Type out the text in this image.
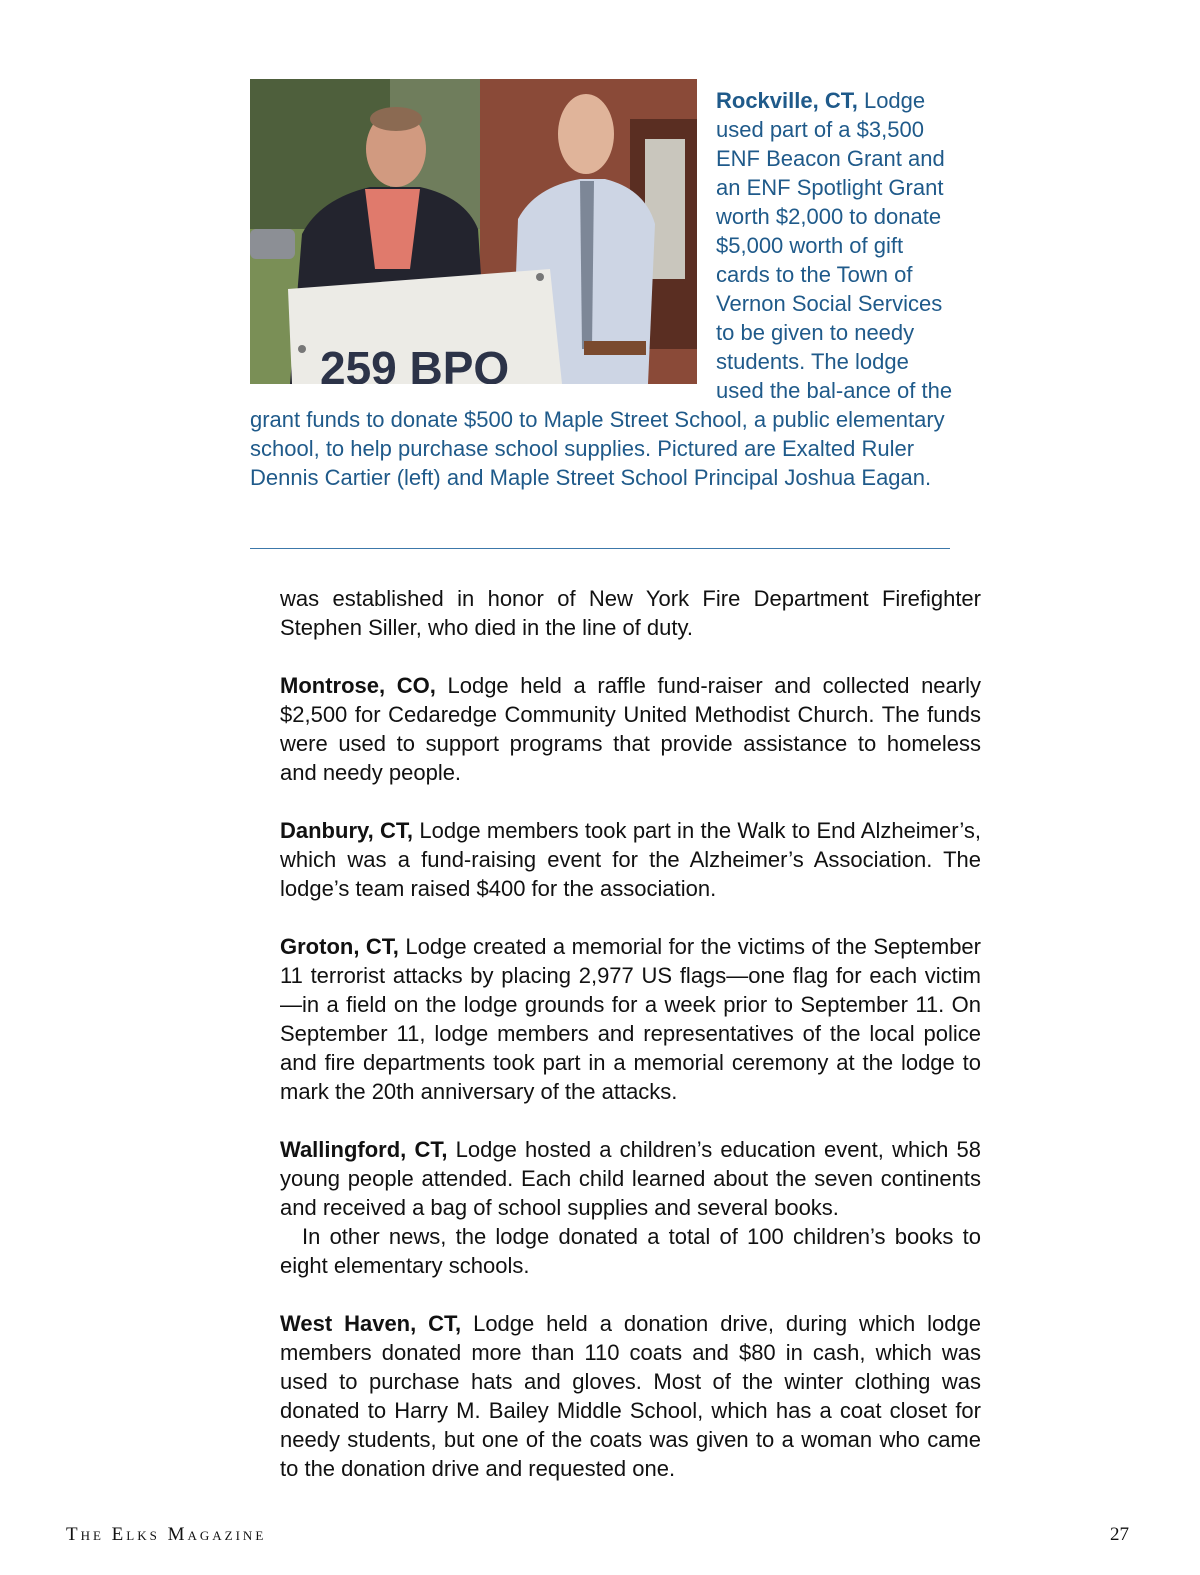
259 BPO
Rockville, CT, Lodge used part of a $3,500 ENF Beacon Grant and an ENF Spotlight Grant worth $2,000 to donate $5,000 worth of gift cards to the Town of Vernon Social Services to be given to needy students. The lodge used the bal-ance of the grant funds to donate $500 to Maple Street School, a public elementary school, to help purchase school supplies. Pictured are Exalted Ruler Dennis Cartier (left) and Maple Street School Principal Joshua Eagan.

was established in honor of New York Fire Department Firefighter Stephen Siller, who died in the line of duty.

Montrose, CO, Lodge held a raffle fund-raiser and collected nearly $2,500 for Cedaredge Community United Methodist Church. The funds were used to support programs that provide assistance to homeless and needy people.

Danbury, CT, Lodge members took part in the Walk to End Alzheimer’s, which was a fund-raising event for the Alzheimer’s Association. The lodge’s team raised $400 for the association.

Groton, CT, Lodge created a memorial for the victims of the September 11 terrorist attacks by placing 2,977 US flags—one flag for each victim—in a field on the lodge grounds for a week prior to September 11. On September 11, lodge members and representatives of the local police and fire departments took part in a memorial ceremony at the lodge to mark the 20th anniversary of the attacks.

Wallingford, CT, Lodge hosted a children’s education event, which 58 young people attended. Each child learned about the seven continents and received a bag of school supplies and several books.

In other news, the lodge donated a total of 100 children’s books to eight elementary schools.

West Haven, CT, Lodge held a donation drive, during which lodge members donated more than 110 coats and $80 in cash, which was used to purchase hats and gloves. Most of the winter clothing was donated to Harry M. Bailey Middle School, which has a coat closet for needy students, but one of the coats was given to a woman who came to the donation drive and requested one.

The Elks Magazine	27
